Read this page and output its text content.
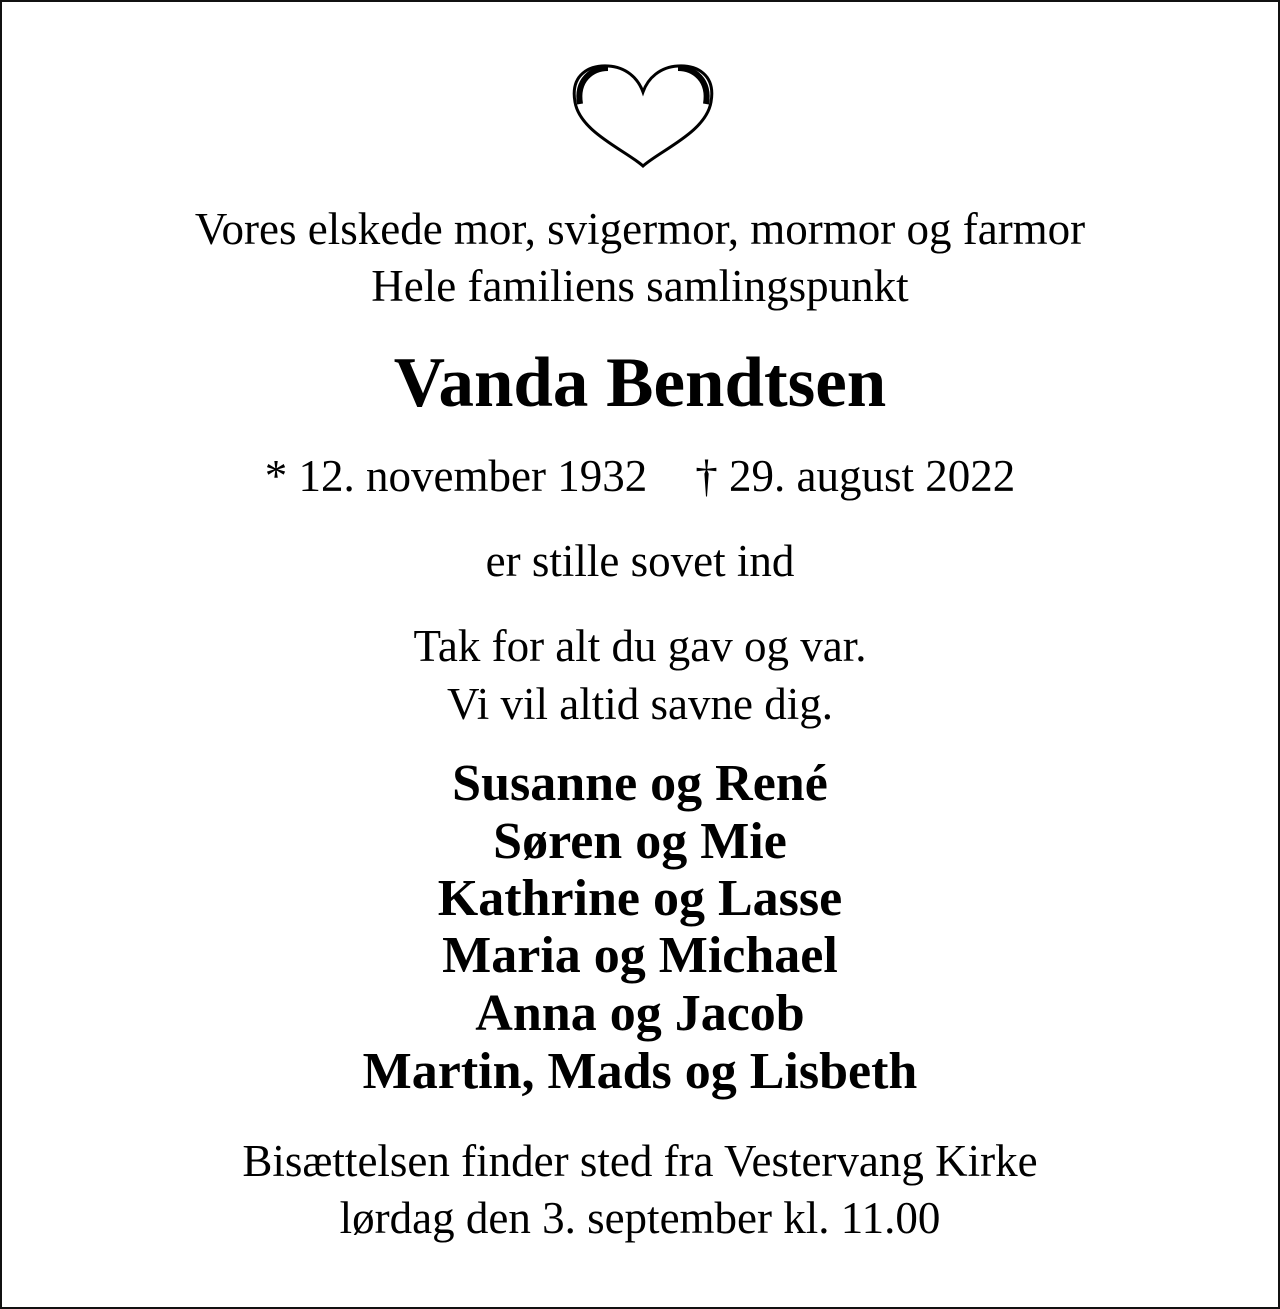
Vores elskede mor, svigermor, mormor og farmor
Hele familiens samlingspunkt
Vanda Bendtsen
* 12. november 1932 † 29. august 2022
er stille sovet ind
Tak for alt du gav og var.
Vi vil altid savne dig.
Susanne og René
Søren og Mie
Kathrine og Lasse
Maria og Michael
Anna og Jacob
Martin, Mads og Lisbeth
Bisættelsen finder sted fra Vestervang Kirke
lørdag den 3. september kl. 11.00
